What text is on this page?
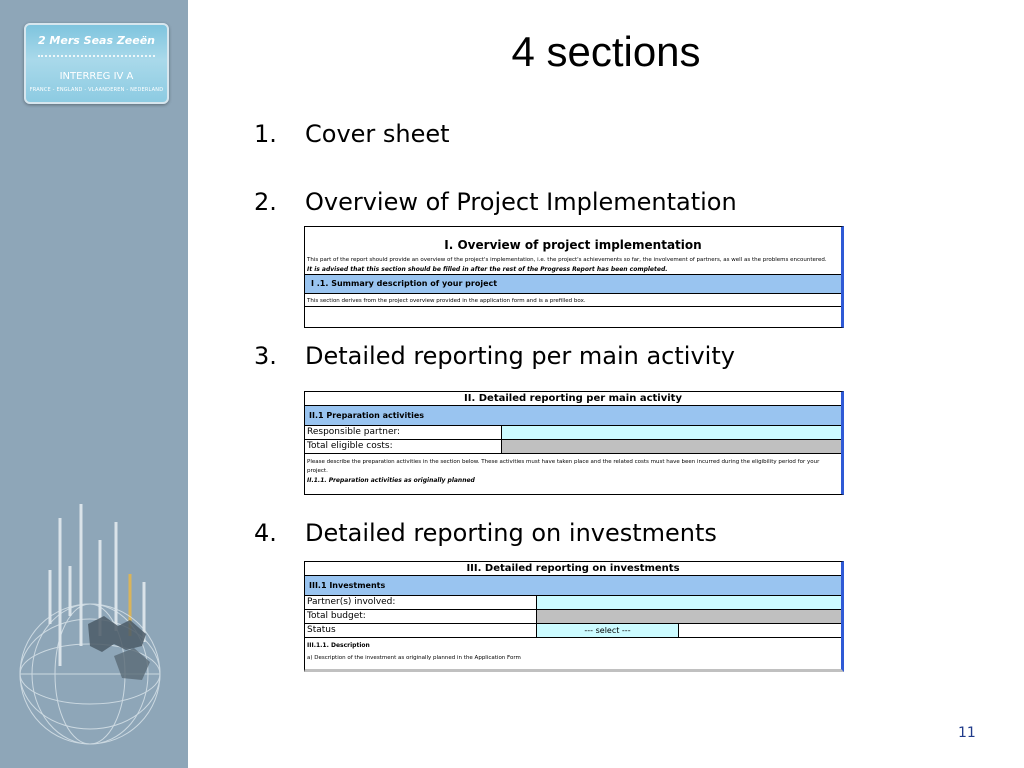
2 Mers Seas Zeeën
INTERREG IV A
FRANCE - ENGLAND - VLAANDEREN - NEDERLAND
4 sections
1. Cover sheet
2. Overview of Project Implementation
3. Detailed reporting per main activity
4. Detailed reporting on investments
I. Overview of project implementation
This part of the report should provide an overview of the project's implementation, i.e. the project's achievements so far, the involvement of partners, as well as the problems encountered.
It is advised that this section should be filled in after the rest of the Progress Report has been completed.
I .1. Summary description of your project
This section derives from the project overview provided in the application form and is a prefilled box.
II. Detailed reporting per main activity
II.1 Preparation activities
Responsible partner:
Total eligible costs:
Please describe the preparation activities in the section below. These activities must have taken place and the related costs must have been incurred during the eligibility period for your project.
II.1.1. Preparation activities as originally planned
III. Detailed reporting on investments
III.1 Investments
Partner(s) involved:
Total budget:
Status	--- select ---
III.1.1. Description
a) Description of the investment as originally planned in the Application Form
11
